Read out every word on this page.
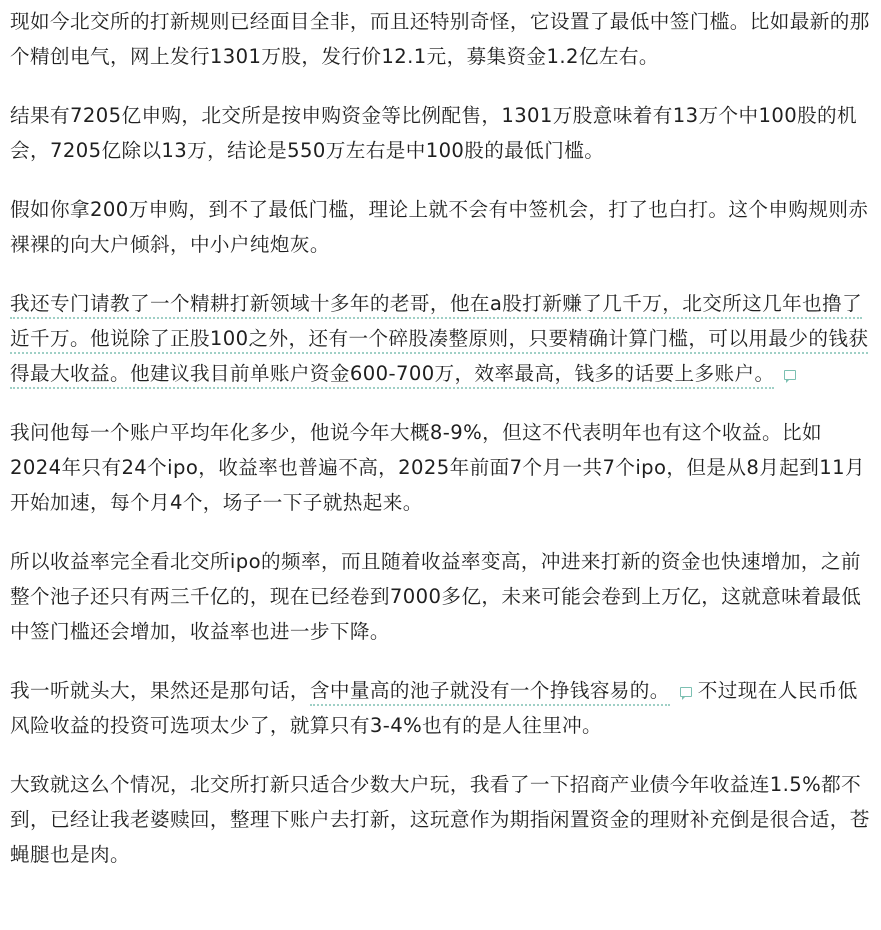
现如今北交所的打新规则已经面目全非，而且还特别奇怪，它设置了最低中签门槛。比如最新的那个精创电气，网上发行1301万股，发行价12.1元，募集资金1.2亿左右。

结果有7205亿申购，北交所是按申购资金等比例配售，1301万股意味着有13万个中100股的机会，7205亿除以13万，结论是550万左右是中100股的最低门槛。

假如你拿200万申购，到不了最低门槛，理论上就不会有中签机会，打了也白打。这个申购规则赤裸裸的向大户倾斜，中小户纯炮灰。

我还专门请教了一个精耕打新领域十多年的老哥，他在a股打新赚了几千万，北交所这几年也撸了近千万。他说除了正股100之外，还有一个碎股凑整原则，只要精确计算门槛，可以用最少的钱获得最大收益。他建议我目前单账户资金600-700万，效率最高，钱多的话要上多账户。

我问他每一个账户平均年化多少，他说今年大概8-9%，但这不代表明年也有这个收益。比如2024年只有24个ipo，收益率也普遍不高，2025年前面7个月一共7个ipo，但是从8月起到11月开始加速，每个月4个，场子一下子就热起来。

所以收益率完全看北交所ipo的频率，而且随着收益率变高，冲进来打新的资金也快速增加，之前整个池子还只有两三千亿的，现在已经卷到7000多亿，未来可能会卷到上万亿，这就意味着最低中签门槛还会增加，收益率也进一步下降。

我一听就头大，果然还是那句话，含中量高的池子就没有一个挣钱容易的。 不过现在人民币低风险收益的投资可选项太少了，就算只有3-4%也有的是人往里冲。

大致就这么个情况，北交所打新只适合少数大户玩，我看了一下招商产业债今年收益连1.5%都不到，已经让我老婆赎回，整理下账户去打新，这玩意作为期指闲置资金的理财补充倒是很合适，苍蝇腿也是肉。
